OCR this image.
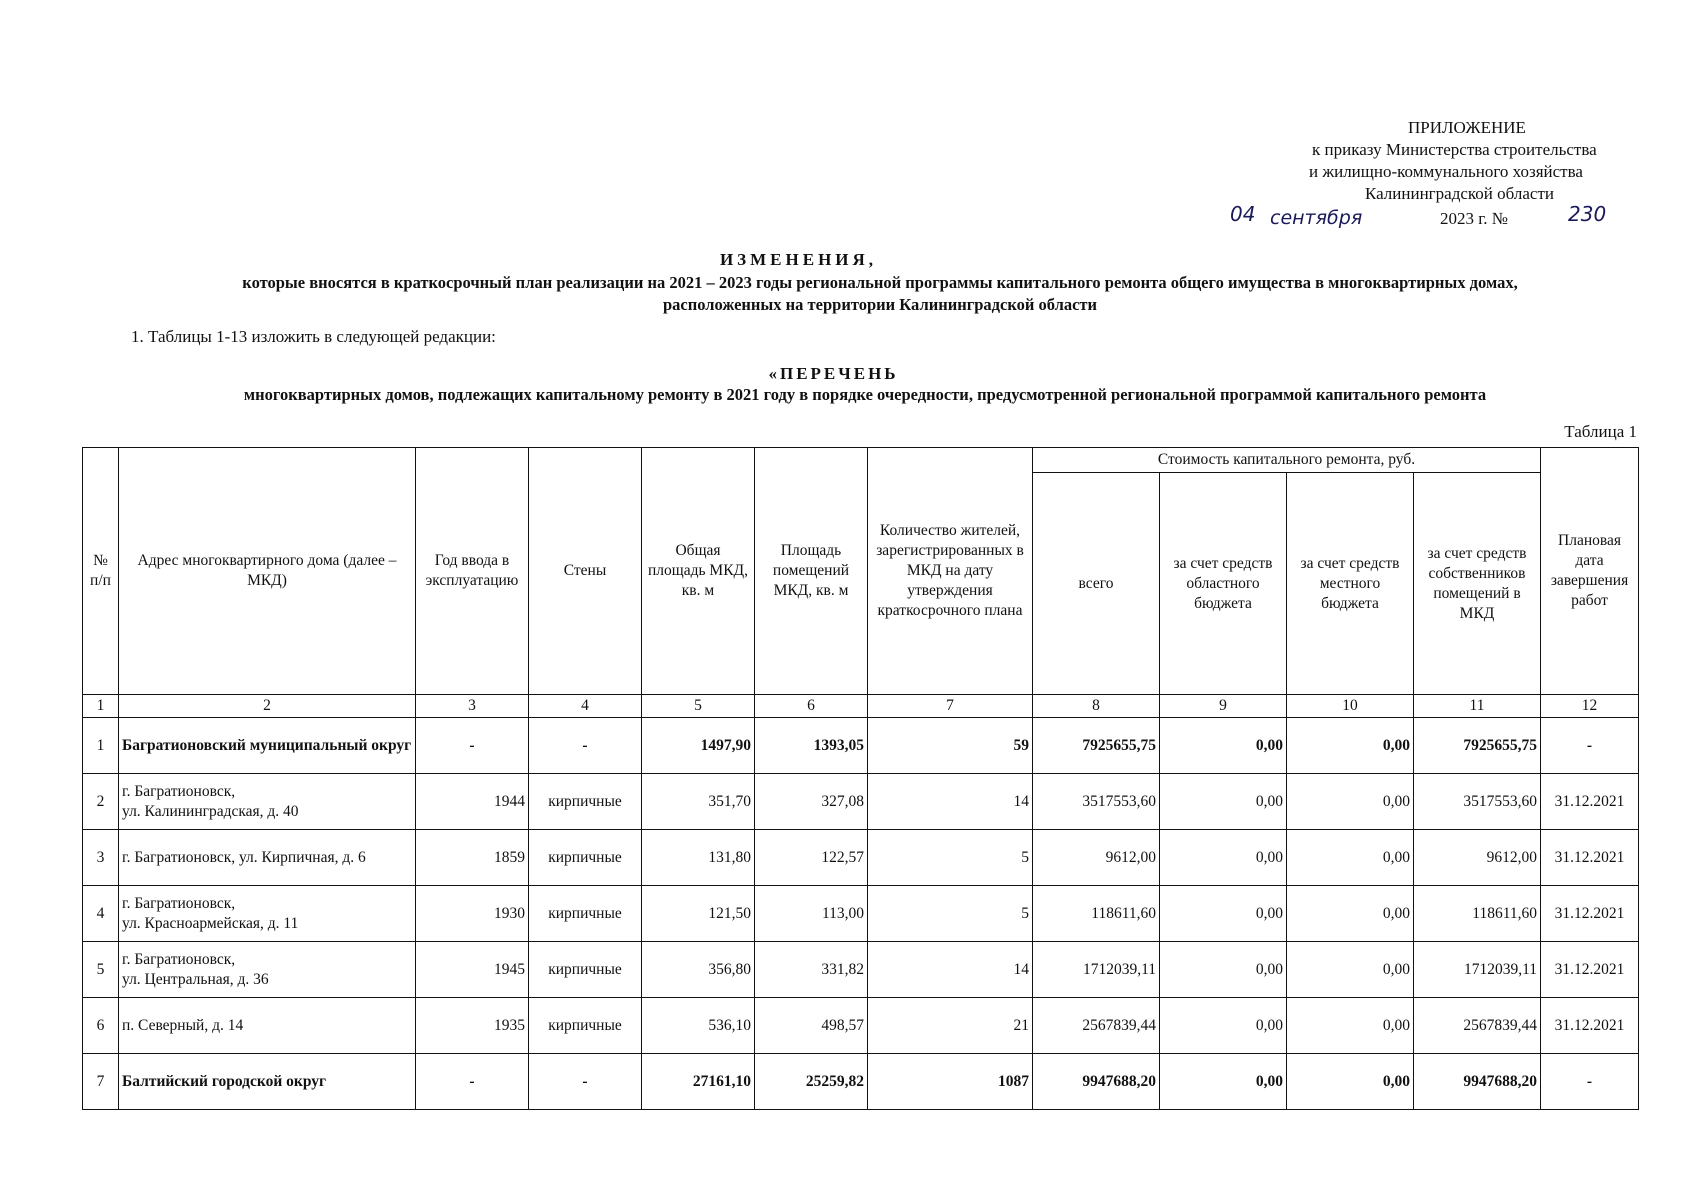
ПРИЛОЖЕНИЕ
к приказу Министерства строительства
и жилищно-коммунального хозяйства
Калининградской области
04 сентября	2023 г. №	230
ИЗМЕНЕНИЯ,
которые вносятся в краткосрочный план реализации на 2021 – 2023 годы региональной программы капитального ремонта общего имущества в многоквартирных домах,
расположенных на территории Калининградской области
1. Таблицы 1-13 изложить в следующей редакции:
«ПЕРЕЧЕНЬ
многоквартирных домов, подлежащих капитальному ремонту в 2021 году в порядке очередности, предусмотренной региональной программой капитального ремонта
Таблица 1
№ п/п	Адрес многоквартирного дома (далее – МКД)	Год ввода в эксплуатацию	Стены	Общая площадь МКД, кв. м	Площадь помещений МКД, кв. м	Количество жителей, зарегистрированных в МКД на дату утверждения краткосрочного плана	Стоимость капитального ремонта, руб.				Плановая дата завершения работ
							всего	за счет средств областного бюджета	за счет средств местного бюджета	за счет средств собственников помещений в МКД	
1	2	3	4	5	6	7	8	9	10	11	12
1	Багратионовский муниципальный округ	-	-	1497,90	1393,05	59	7925655,75	0,00	0,00	7925655,75	-
2	г. Багратионовск,
ул. Калининградская, д. 40	1944	кирпичные	351,70	327,08	14	3517553,60	0,00	0,00	3517553,60	31.12.2021
3	г. Багратионовск, ул. Кирпичная, д. 6	1859	кирпичные	131,80	122,57	5	9612,00	0,00	0,00	9612,00	31.12.2021
4	г. Багратионовск,
ул. Красноармейская, д. 11	1930	кирпичные	121,50	113,00	5	118611,60	0,00	0,00	118611,60	31.12.2021
5	г. Багратионовск,
ул. Центральная, д. 36	1945	кирпичные	356,80	331,82	14	1712039,11	0,00	0,00	1712039,11	31.12.2021
6	п. Северный, д. 14	1935	кирпичные	536,10	498,57	21	2567839,44	0,00	0,00	2567839,44	31.12.2021
7	Балтийский городской округ	-	-	27161,10	25259,82	1087	9947688,20	0,00	0,00	9947688,20	-
